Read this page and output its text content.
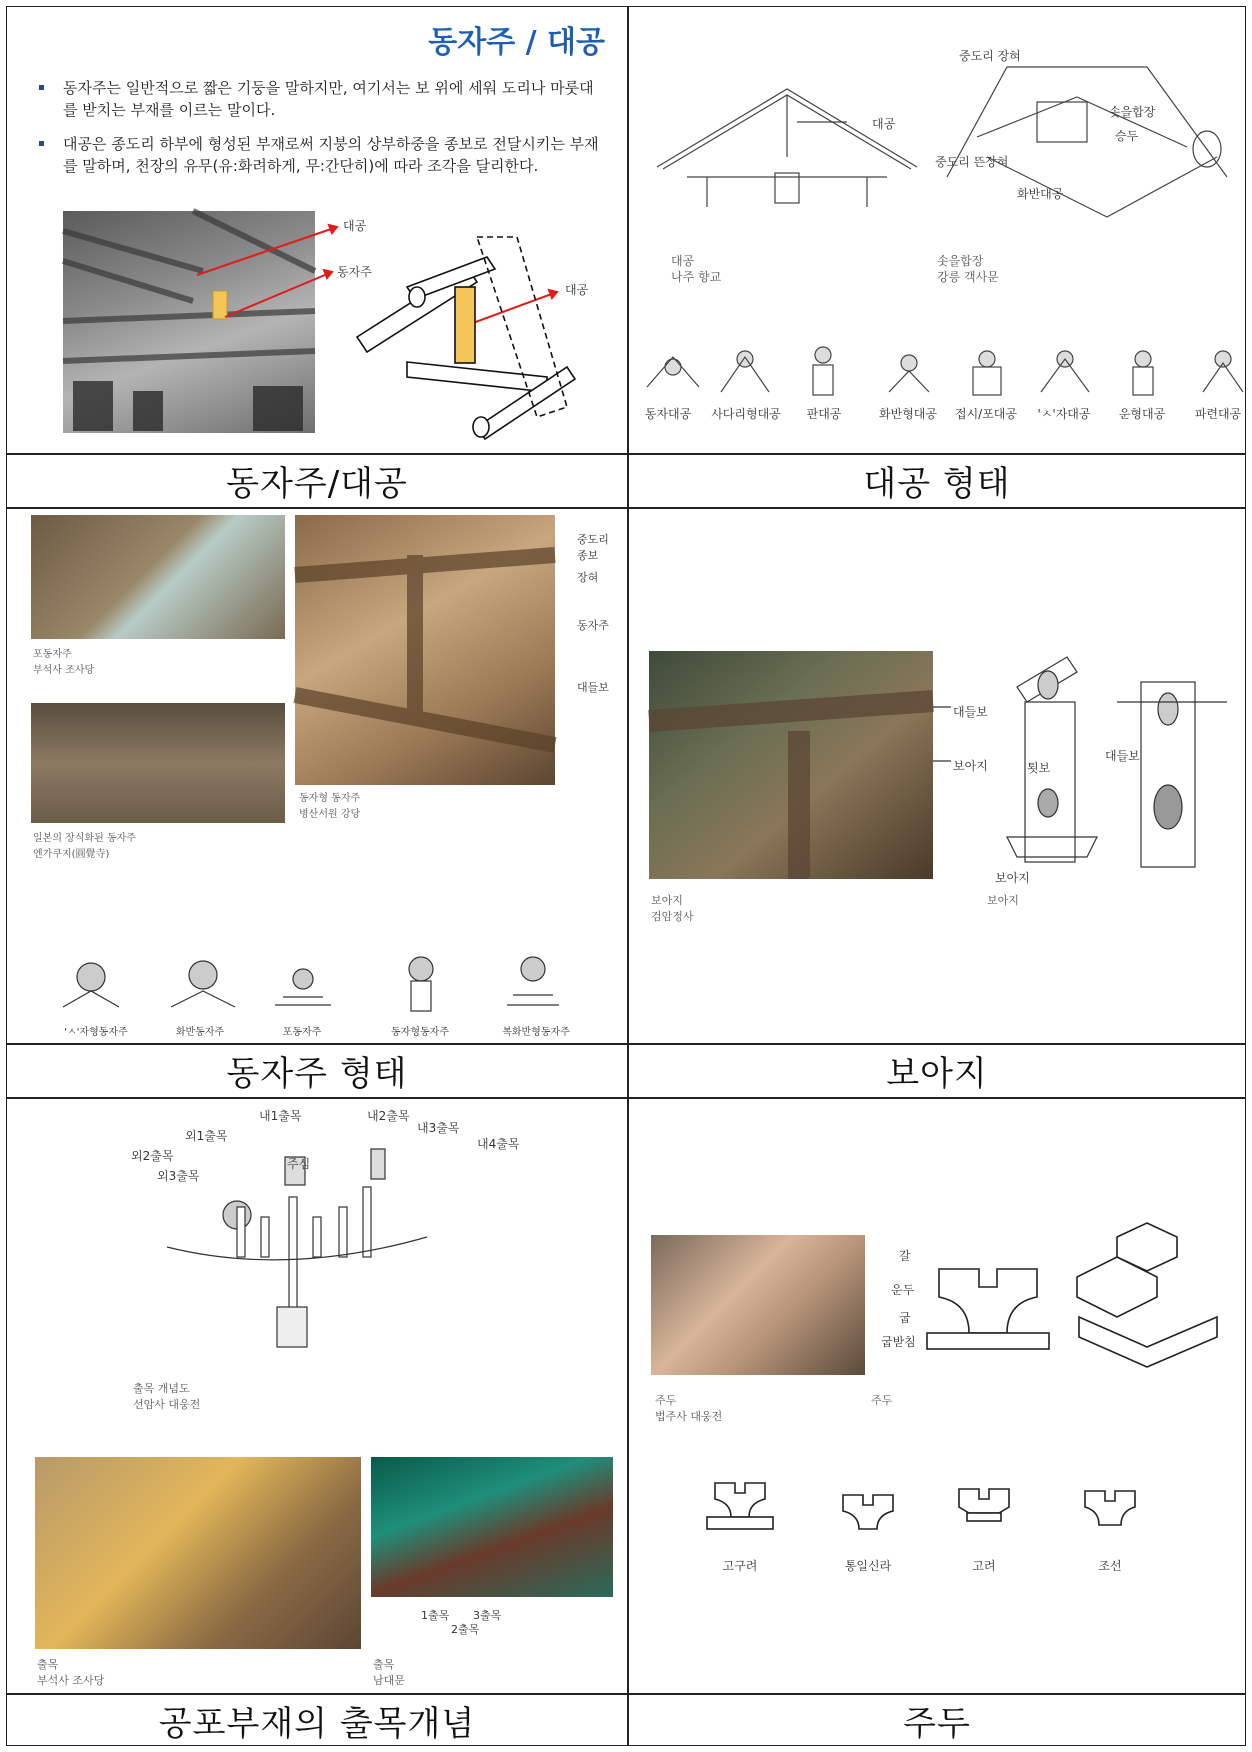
동자주 / 대공
동자주는 일반적으로 짧은 기둥을 말하지만, 여기서는 보 위에 세워 도리나 마룻대를 받치는 부재를 이르는 말이다.
대공은 종도리 하부에 형성된 부재로써 지붕의 상부하중을 종보로 전달시키는 부재를 말하며, 천장의 유무(유:화려하게, 무:간단히)에 따라 조각을 달리한다.
대공
동자주
대공
동자주/대공
대공
중도리 장혀
솟을합장
승두
중도리 뜬장혀
화반대공
대공
나주 향교
솟을합장
강릉 객사문
동자대공	사다리형대공	판대공	화반형대공	접시/포대공	'ㅅ'자대공	운형대공	파련대공
대공 형태
포동자주
부석사 조사당
일본의 장식화된 동자주
엔가쿠지(圓覺寺)
동자형 동자주
병산서원 강당
중도리
종보
장혀
동자주
대들보
'ㅅ'자형동자주	화반동자주	포동자주	동자형동자주	복화반형동자주
동자주 형태
대들보
보아지	툇보
대들보
보아지
보아지
검암정사
보아지
보아지
내1출목	내2출목
외1출목
내3출목
내4출목
외2출목
주심
외3출목
출목 개념도
선암사 대웅전
출목
부석사 조사당
1출목 3출목
2출목
출목
남대문
공포부재의 출목개념
갈
운두
굽
굽받침
주두
법주사 대웅전
주두
고구려	통일신라	고려	조선
주두
